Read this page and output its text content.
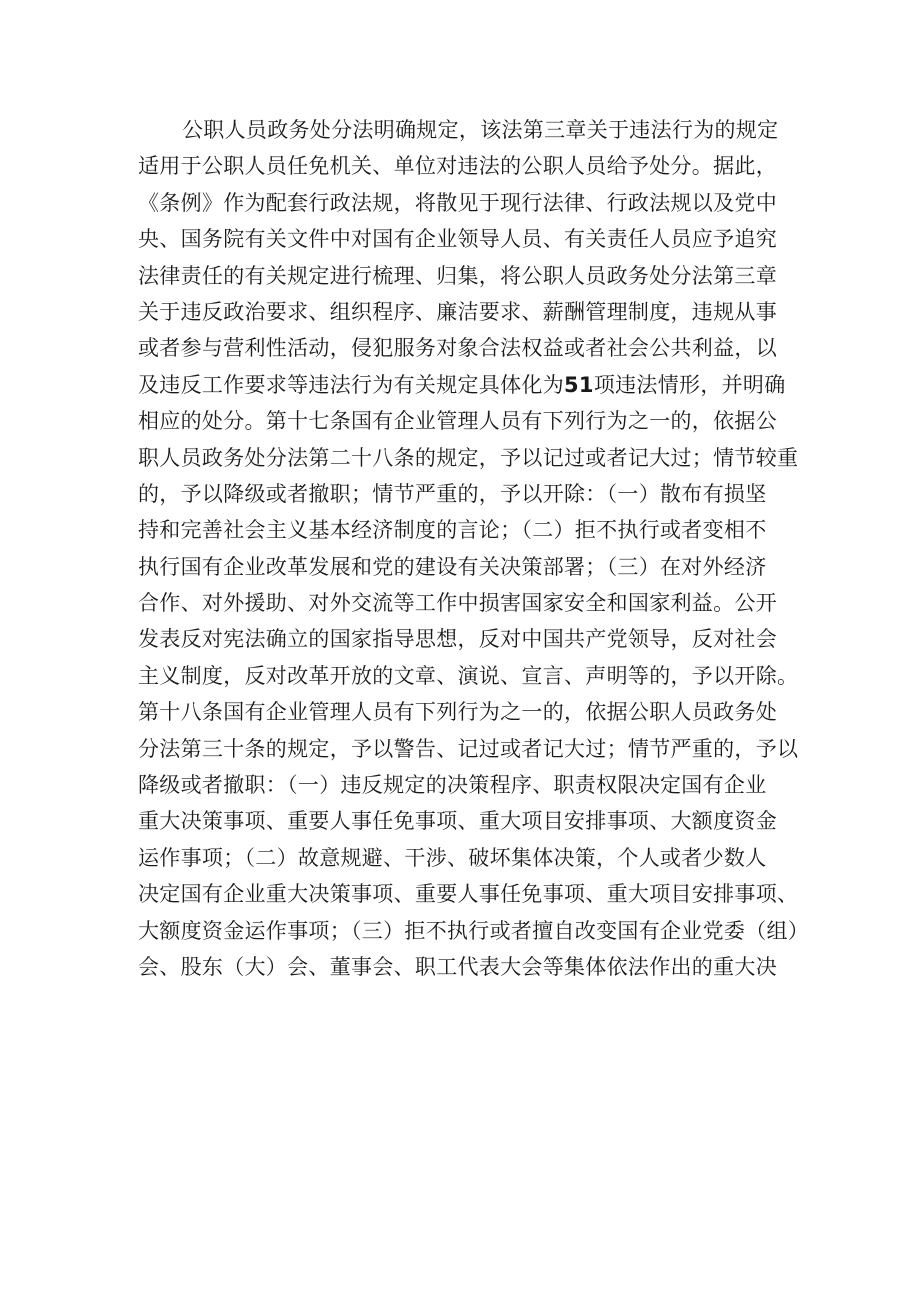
公职人员政务处分法明确规定，该法第三章关于违法行为的规定
适用于公职人员任免机关、单位对违法的公职人员给予处分。据此，
《条例》作为配套行政法规，将散见于现行法律、行政法规以及党中
央、国务院有关文件中对国有企业领导人员、有关责任人员应予追究
法律责任的有关规定进行梳理、归集，将公职人员政务处分法第三章
关于违反政治要求、组织程序、廉洁要求、薪酬管理制度，违规从事
或者参与营利性活动，侵犯服务对象合法权益或者社会公共利益，以
及违反工作要求等违法行为有关规定具体化为51项违法情形，并明确
相应的处分。第十七条国有企业管理人员有下列行为之一的，依据公
职人员政务处分法第二十八条的规定，予以记过或者记大过；情节较重
的，予以降级或者撤职；情节严重的，予以开除：（一）散布有损坚
持和完善社会主义基本经济制度的言论；（二）拒不执行或者变相不
执行国有企业改革发展和党的建设有关决策部署；（三）在对外经济
合作、对外援助、对外交流等工作中损害国家安全和国家利益。公开
发表反对宪法确立的国家指导思想，反对中国共产党领导，反对社会
主义制度，反对改革开放的文章、演说、宣言、声明等的，予以开除。
第十八条国有企业管理人员有下列行为之一的，依据公职人员政务处
分法第三十条的规定，予以警告、记过或者记大过；情节严重的，予以
降级或者撤职：（一）违反规定的决策程序、职责权限决定国有企业
重大决策事项、重要人事任免事项、重大项目安排事项、大额度资金
运作事项；（二）故意规避、干涉、破坏集体决策，个人或者少数人
决定国有企业重大决策事项、重要人事任免事项、重大项目安排事项、
大额度资金运作事项；（三）拒不执行或者擅自改变国有企业党委（组）
会、股东（大）会、董事会、职工代表大会等集体依法作出的重大决
